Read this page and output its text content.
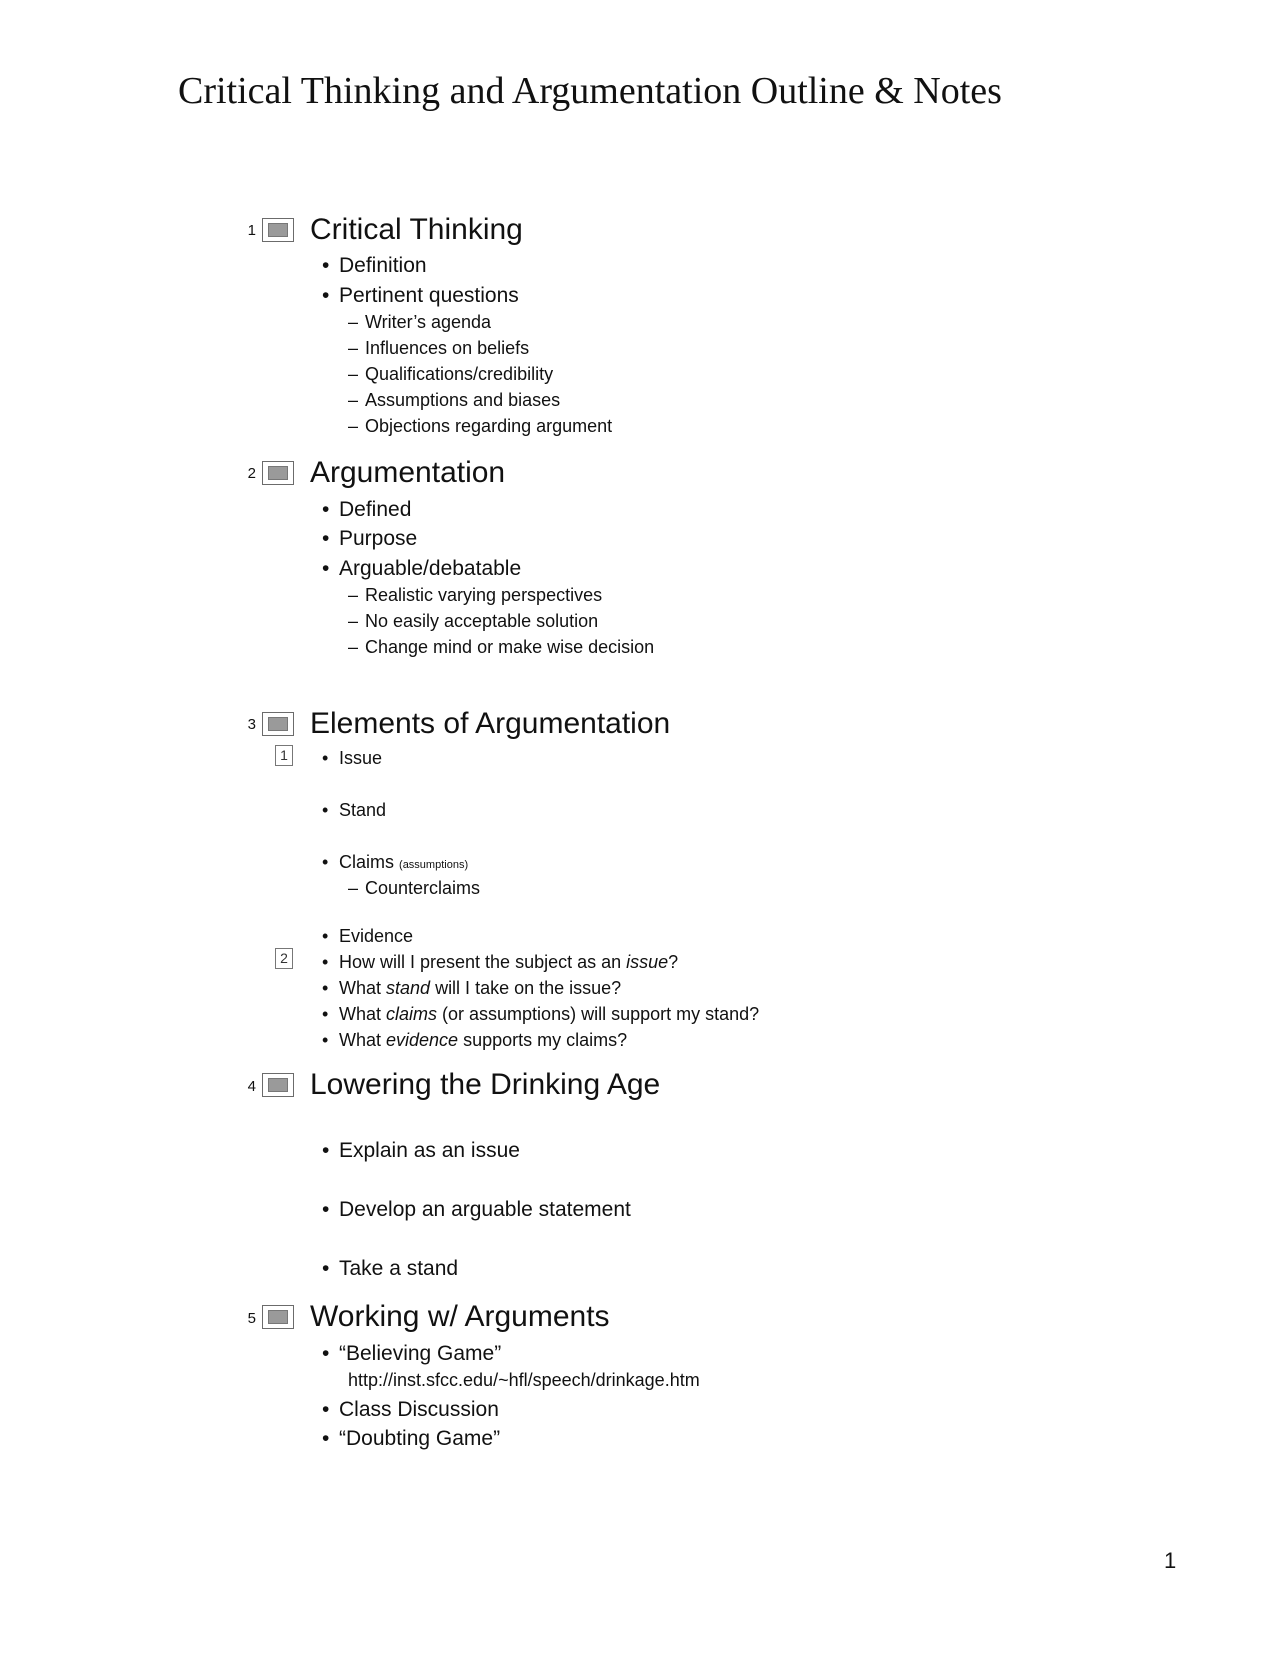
Critical Thinking and Argumentation Outline & Notes
1 Critical Thinking
Definition
Pertinent questions
– Writer’s agenda
– Influences on beliefs
– Qualifications/credibility
– Assumptions and biases
– Objections regarding argument
2 Argumentation
Defined
Purpose
Arguable/debatable
– Realistic varying perspectives
– No easily acceptable solution
– Change mind or make wise decision
3 Elements of Argumentation
1	Issue
Stand
Claims (assumptions)
– Counterclaims
Evidence
2	How will I present the subject as an issue?
What stand will I take on the issue?
What claims (or assumptions) will support my stand?
What evidence supports my claims?
4 Lowering the Drinking Age
Explain as an issue
Develop an arguable statement
Take a stand
5 Working w/ Arguments
“Believing Game”
http://inst.sfcc.edu/~hfl/speech/drinkage.htm
Class Discussion
“Doubting Game”
1
